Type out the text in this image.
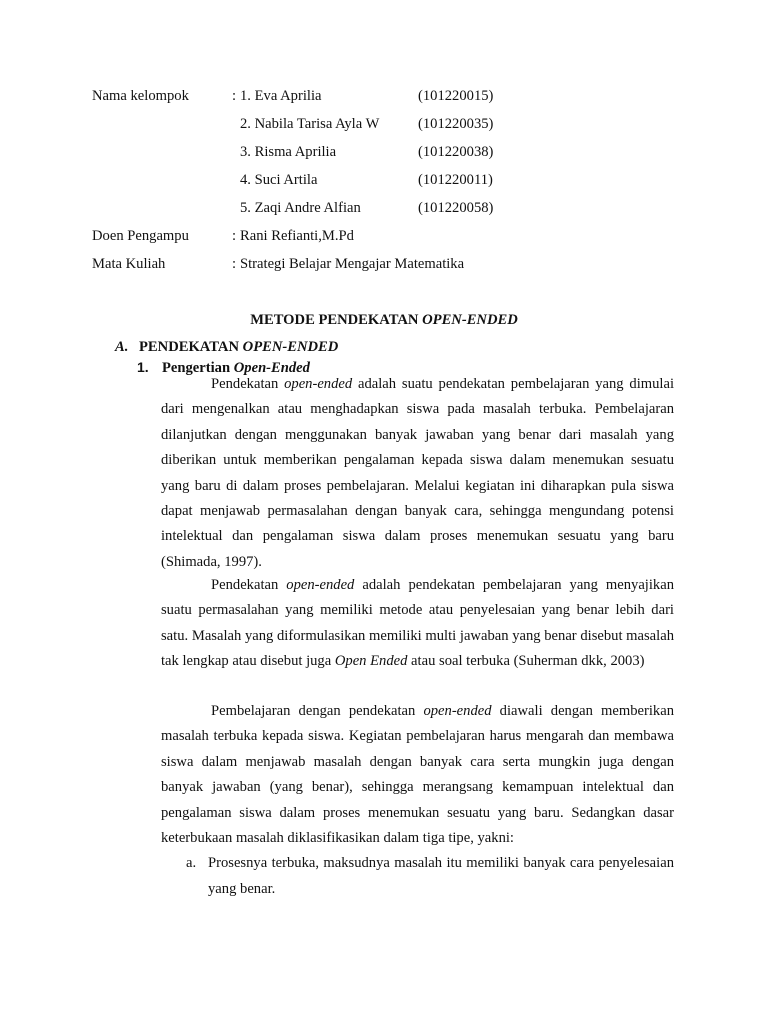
Nama kelompok	: 1. Eva Aprilia	(101220015)
2. Nabila Tarisa Ayla W	(101220035)
3. Risma Aprilia	(101220038)
4. Suci Artila	(101220011)
5. Zaqi Andre Alfian	(101220058)
Doen Pengampu	: Rani Refianti,M.Pd
Mata Kuliah	: Strategi Belajar Mengajar Matematika
METODE PENDEKATAN OPEN-ENDED
A. PENDEKATAN OPEN-ENDED
1. Pengertian Open-Ended
Pendekatan open-ended adalah suatu pendekatan pembelajaran yang dimulai dari mengenalkan atau menghadapkan siswa pada masalah terbuka. Pembelajaran dilanjutkan dengan menggunakan banyak jawaban yang benar dari masalah yang diberikan untuk memberikan pengalaman kepada siswa dalam menemukan sesuatu yang baru di dalam proses pembelajaran. Melalui kegiatan ini diharapkan pula siswa dapat menjawab permasalahan dengan banyak cara, sehingga mengundang potensi intelektual dan pengalaman siswa dalam proses menemukan sesuatu yang baru (Shimada, 1997).
Pendekatan open-ended adalah pendekatan pembelajaran yang menyajikan suatu permasalahan yang memiliki metode atau penyelesaian yang benar lebih dari satu. Masalah yang diformulasikan memiliki multi jawaban yang benar disebut masalah tak lengkap atau disebut juga Open Ended atau soal terbuka (Suherman dkk, 2003)
Pembelajaran dengan pendekatan open-ended diawali dengan memberikan masalah terbuka kepada siswa. Kegiatan pembelajaran harus mengarah dan membawa siswa dalam menjawab masalah dengan banyak cara serta mungkin juga dengan banyak jawaban (yang benar), sehingga merangsang kemampuan intelektual dan pengalaman siswa dalam proses menemukan sesuatu yang baru. Sedangkan dasar keterbukaan masalah diklasifikasikan dalam tiga tipe, yakni:
a. Prosesnya terbuka, maksudnya masalah itu memiliki banyak cara penyelesaian yang benar.
